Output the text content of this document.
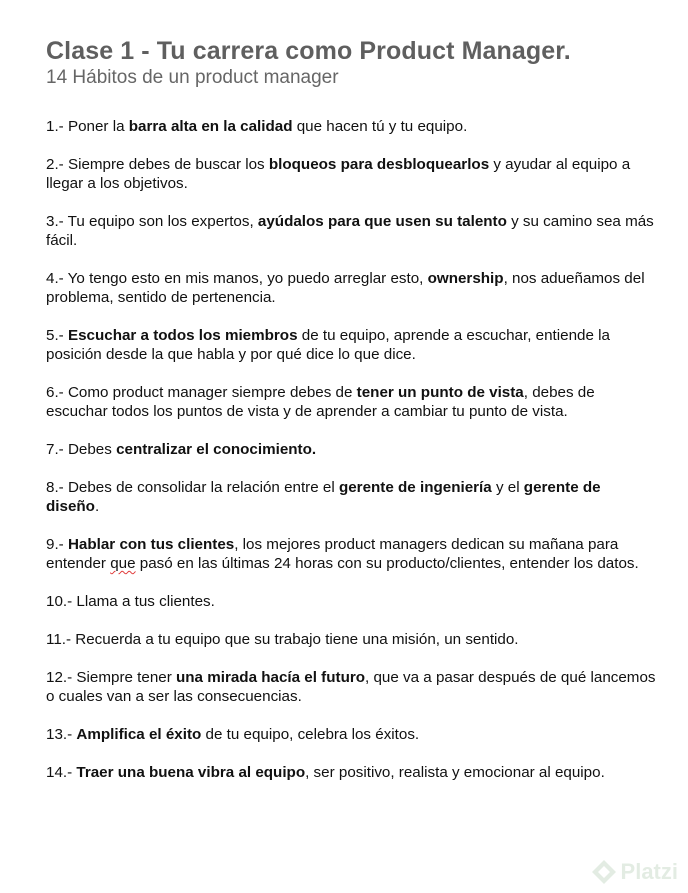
Clase 1 - Tu carrera como Product Manager.

14 Hábitos de un product manager

1.- Poner la barra alta en la calidad que hacen tú y tu equipo.

2.- Siempre debes de buscar los bloqueos para desbloquearlos y ayudar al equipo a llegar a los objetivos.

3.- Tu equipo son los expertos, ayúdalos para que usen su talento y su camino sea más fácil.

4.- Yo tengo esto en mis manos, yo puedo arreglar esto, ownership, nos adueñamos del problema, sentido de pertenencia.

5.- Escuchar a todos los miembros de tu equipo, aprende a escuchar, entiende la posición desde la que habla y por qué dice lo que dice.

6.- Como product manager siempre debes de tener un punto de vista, debes de escuchar todos los puntos de vista y de aprender a cambiar tu punto de vista.

7.- Debes centralizar el conocimiento.

8.- Debes de consolidar la relación entre el gerente de ingeniería y el gerente de diseño.

9.- Hablar con tus clientes, los mejores product managers dedican su mañana para entender que pasó en las últimas 24 horas con su producto/clientes, entender los datos.

10.- Llama a tus clientes.

11.- Recuerda a tu equipo que su trabajo tiene una misión, un sentido.

12.- Siempre tener una mirada hacía el futuro, que va a pasar después de qué lancemos o cuales van a ser las consecuencias.

13.- Amplifica el éxito de tu equipo, celebra los éxitos.

14.- Traer una buena vibra al equipo, ser positivo, realista y emocionar al equipo.

Platzi
